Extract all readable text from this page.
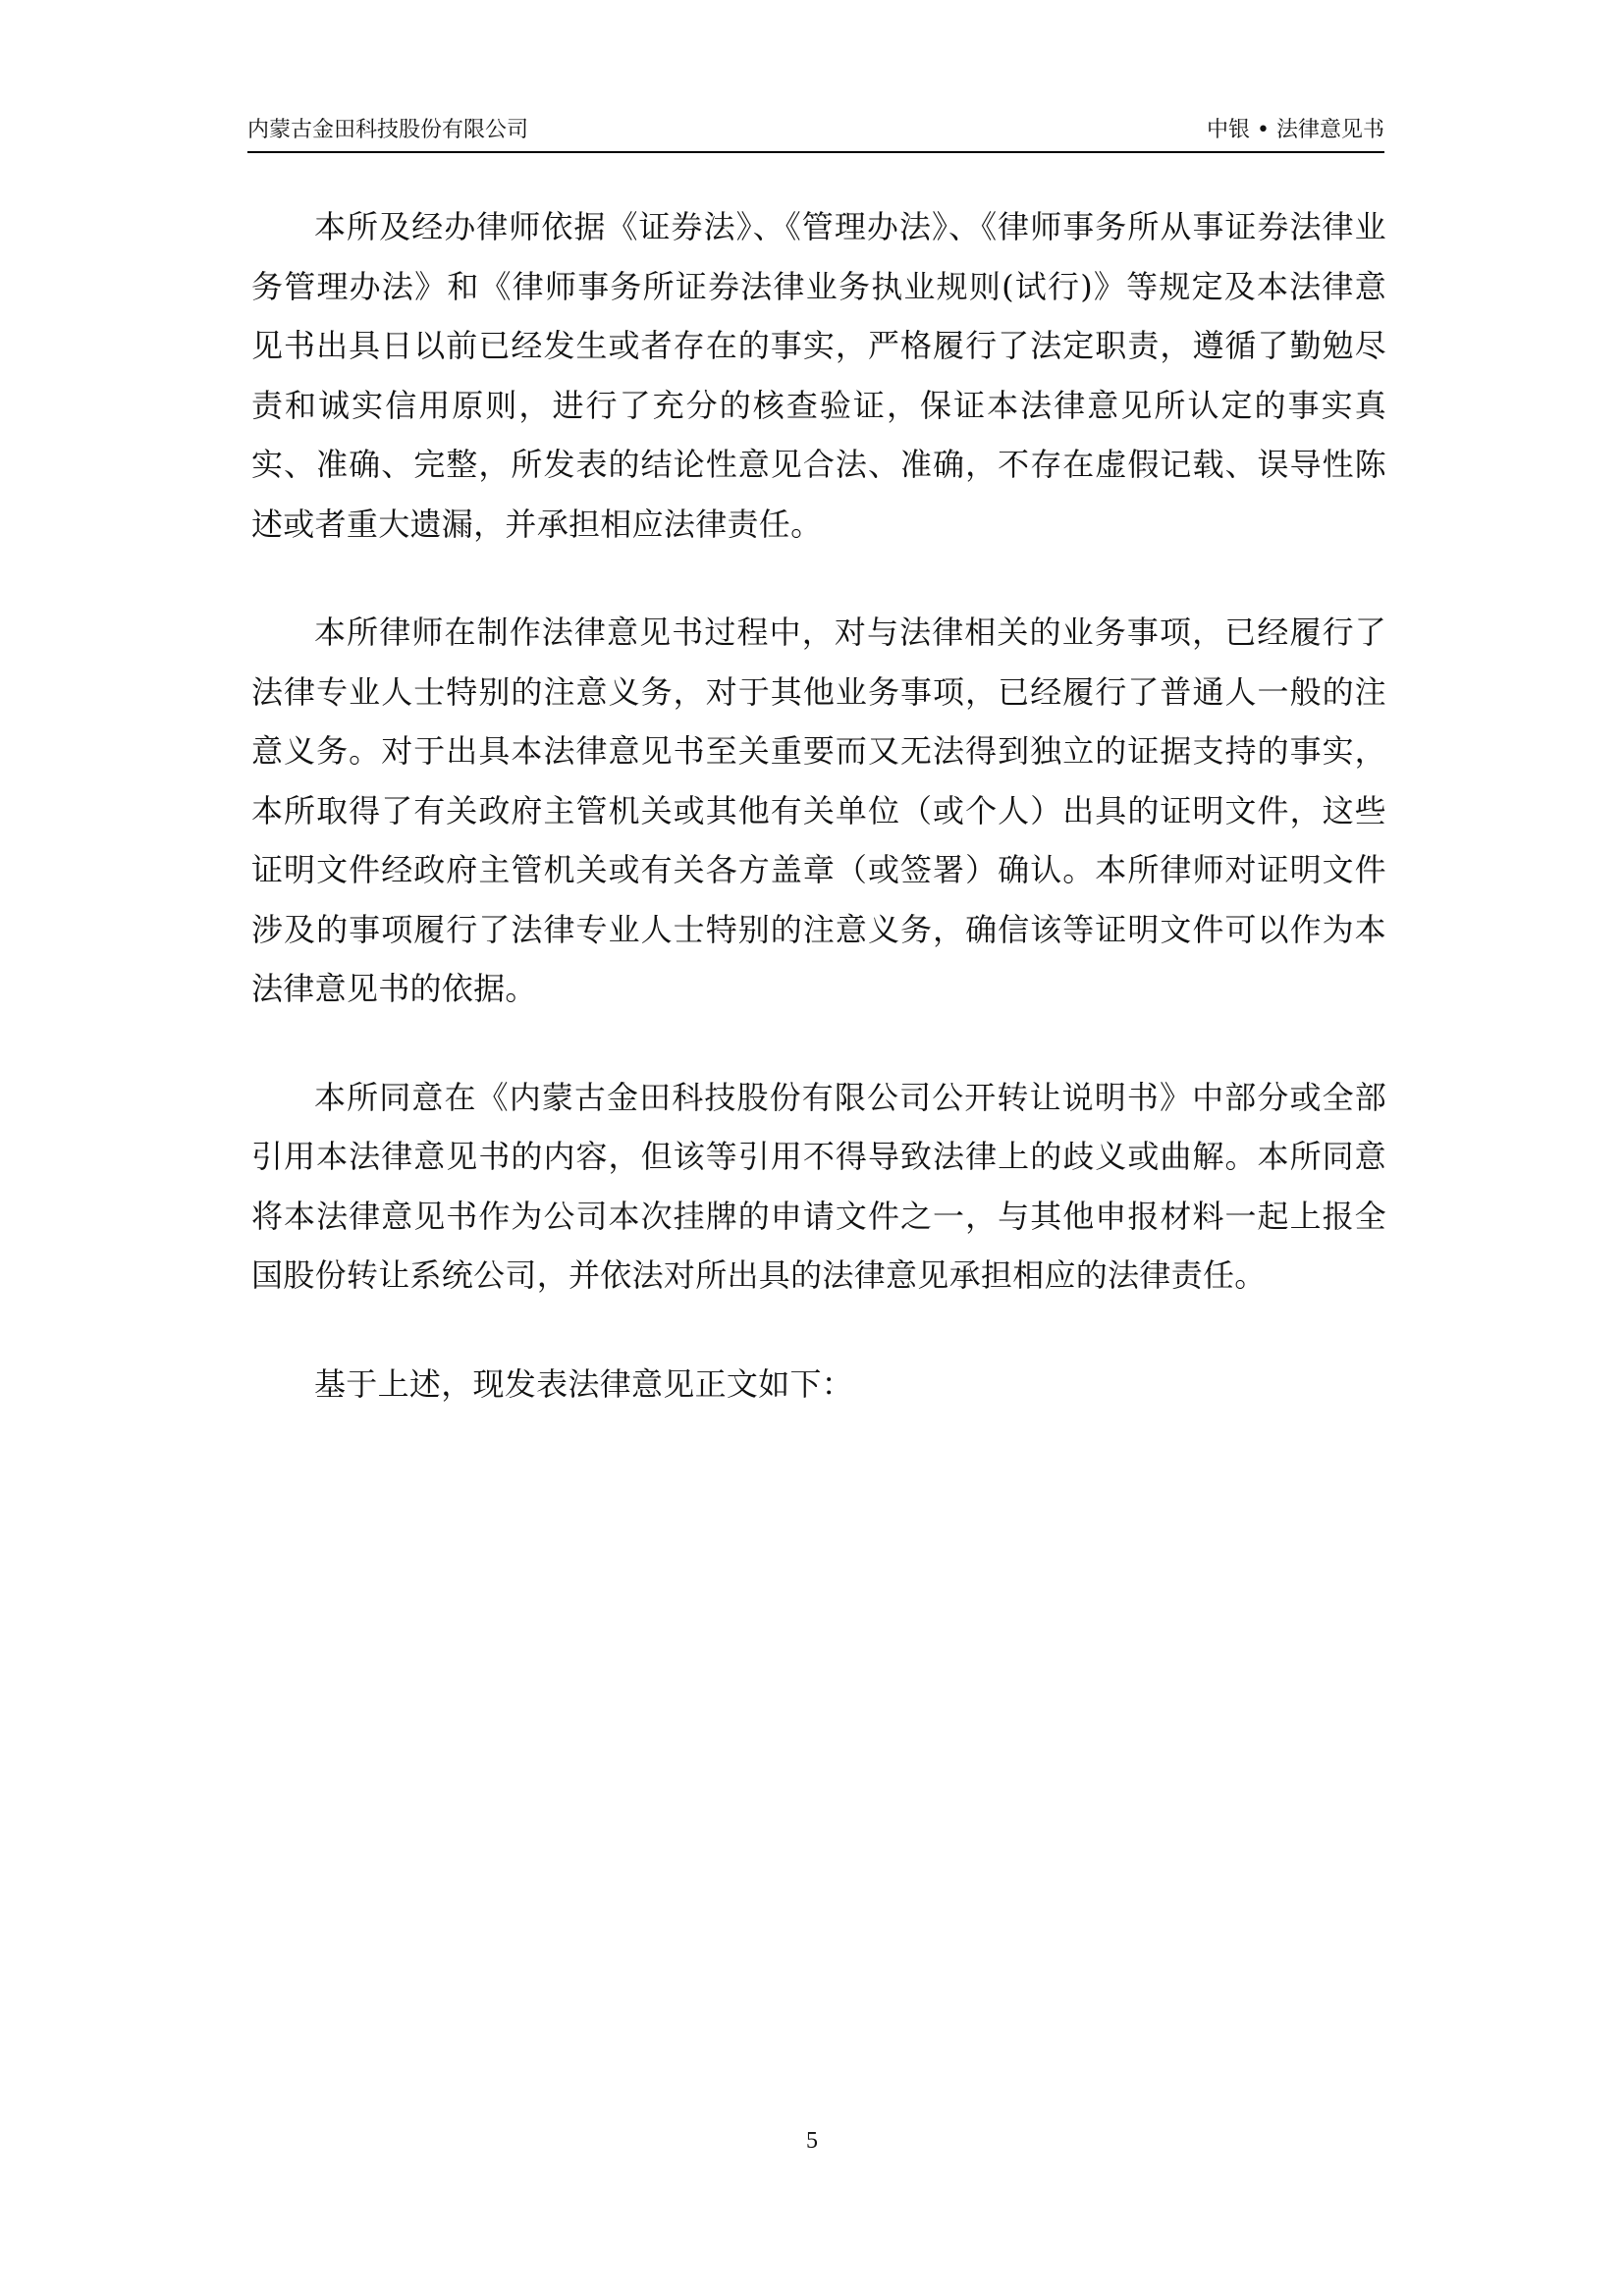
内蒙古金田科技股份有限公司	中银 • 法律意见书

本所及经办律师依据《证券法》、《管理办法》、《律师事务所从事证券法律业务管理办法》和《律师事务所证券法律业务执业规则(试行)》等规定及本法律意见书出具日以前已经发生或者存在的事实，严格履行了法定职责，遵循了勤勉尽责和诚实信用原则，进行了充分的核查验证，保证本法律意见所认定的事实真实、准确、完整，所发表的结论性意见合法、准确，不存在虚假记载、误导性陈述或者重大遗漏，并承担相应法律责任。

本所律师在制作法律意见书过程中，对与法律相关的业务事项，已经履行了法律专业人士特别的注意义务，对于其他业务事项，已经履行了普通人一般的注意义务。对于出具本法律意见书至关重要而又无法得到独立的证据支持的事实，本所取得了有关政府主管机关或其他有关单位（或个人）出具的证明文件，这些证明文件经政府主管机关或有关各方盖章（或签署）确认。本所律师对证明文件涉及的事项履行了法律专业人士特别的注意义务，确信该等证明文件可以作为本法律意见书的依据。

本所同意在《内蒙古金田科技股份有限公司公开转让说明书》中部分或全部引用本法律意见书的内容，但该等引用不得导致法律上的歧义或曲解。本所同意将本法律意见书作为公司本次挂牌的申请文件之一，与其他申报材料一起上报全国股份转让系统公司，并依法对所出具的法律意见承担相应的法律责任。

基于上述，现发表法律意见正文如下：

5
